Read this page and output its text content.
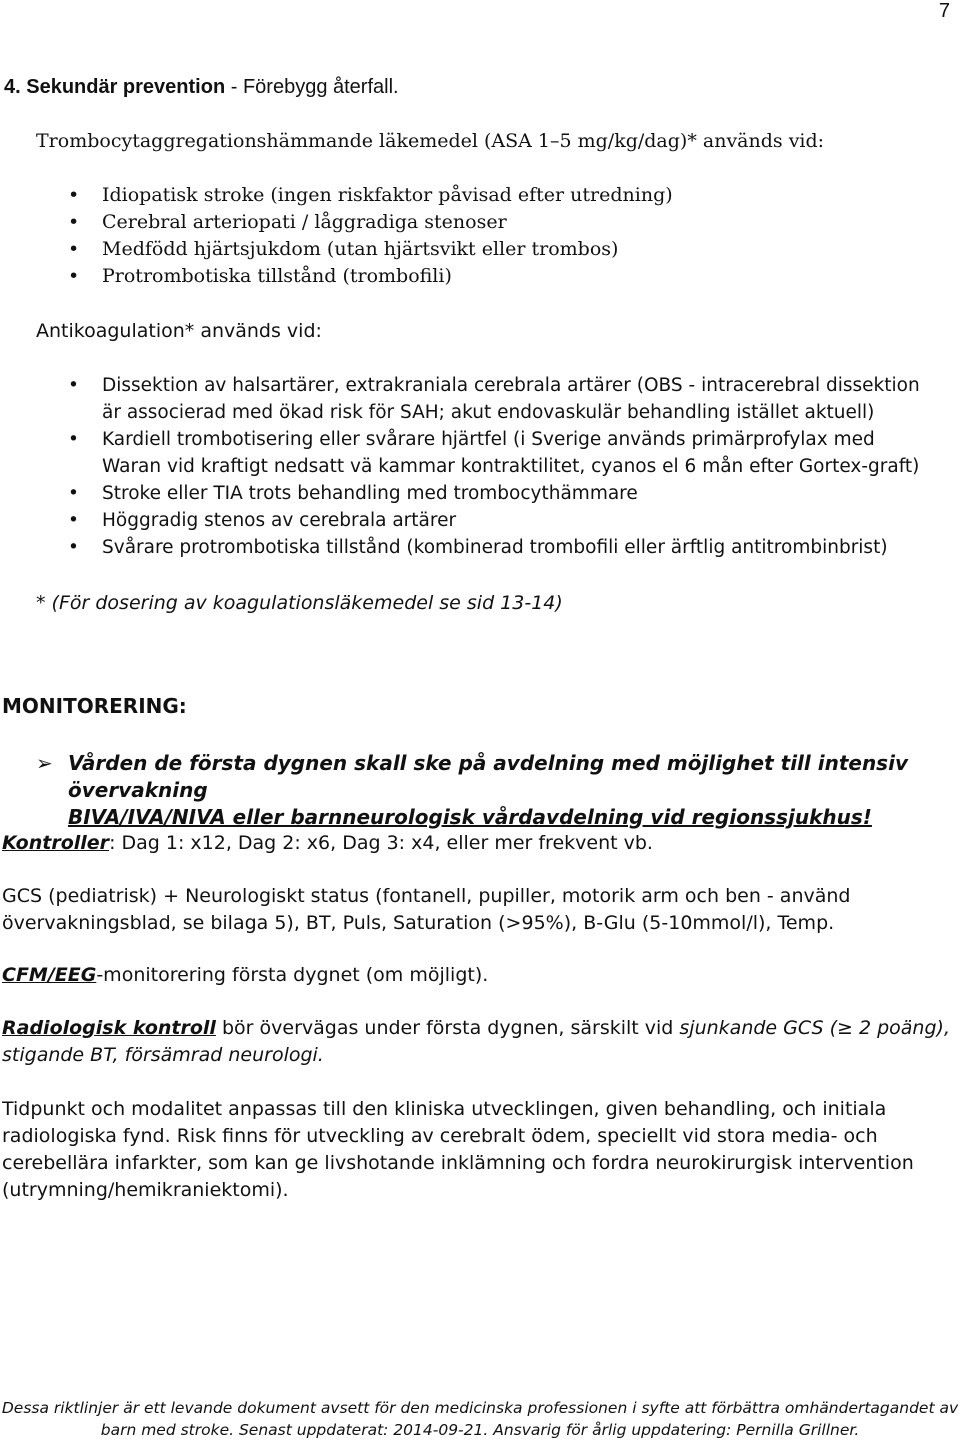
7
4. Sekundär prevention - Förebygg återfall.
Trombocytaggregationshämmande läkemedel (ASA 1–5 mg/kg/dag)* används vid:
• Idiopatisk stroke (ingen riskfaktor påvisad efter utredning)
• Cerebral arteriopati / låggradiga stenoser
• Medfödd hjärtsjukdom (utan hjärtsvikt eller trombos)
• Protrombotiska tillstånd (trombofili)
Antikoagulation* används vid:
• Dissektion av halsartärer, extrakraniala cerebrala artärer (OBS - intracerebral dissektion
är associerad med ökad risk för SAH; akut endovaskulär behandling istället aktuell)
• Kardiell trombotisering eller svårare hjärtfel (i Sverige används primärprofylax med
Waran vid kraftigt nedsatt vä kammar kontraktilitet, cyanos el 6 mån efter Gortex-graft)
• Stroke eller TIA trots behandling med trombocythämmare
• Höggradig stenos av cerebrala artärer
• Svårare protrombotiska tillstånd (kombinerad trombofili eller ärftlig antitrombinbrist)
* (För dosering av koagulationsläkemedel se sid 13-14)
MONITORERING:
➢ Vården de första dygnen skall ske på avdelning med möjlighet till intensiv övervakning
BIVA/IVA/NIVA eller barnneurologisk vårdavdelning vid regionssjukhus!
Kontroller: Dag 1: x12, Dag 2: x6, Dag 3: x4, eller mer frekvent vb.
GCS (pediatrisk) + Neurologiskt status (fontanell, pupiller, motorik arm och ben - använd
övervakningsblad, se bilaga 5), BT, Puls, Saturation (>95%), B-Glu (5-10mmol/l), Temp.
CFM/EEG-monitorering första dygnet (om möjligt).
Radiologisk kontroll bör övervägas under första dygnen, särskilt vid sjunkande GCS (≥ 2 poäng),
stigande BT, försämrad neurologi.
Tidpunkt och modalitet anpassas till den kliniska utvecklingen, given behandling, och initiala
radiologiska fynd. Risk finns för utveckling av cerebralt ödem, speciellt vid stora media- och
cerebellära infarkter, som kan ge livshotande inklämning och fordra neurokirurgisk intervention
(utrymning/hemikraniektomi).
Dessa riktlinjer är ett levande dokument avsett för den medicinska professionen i syfte att förbättra omhändertagandet av
barn med stroke. Senast uppdaterat: 2014-09-21. Ansvarig för årlig uppdatering: Pernilla Grillner.
